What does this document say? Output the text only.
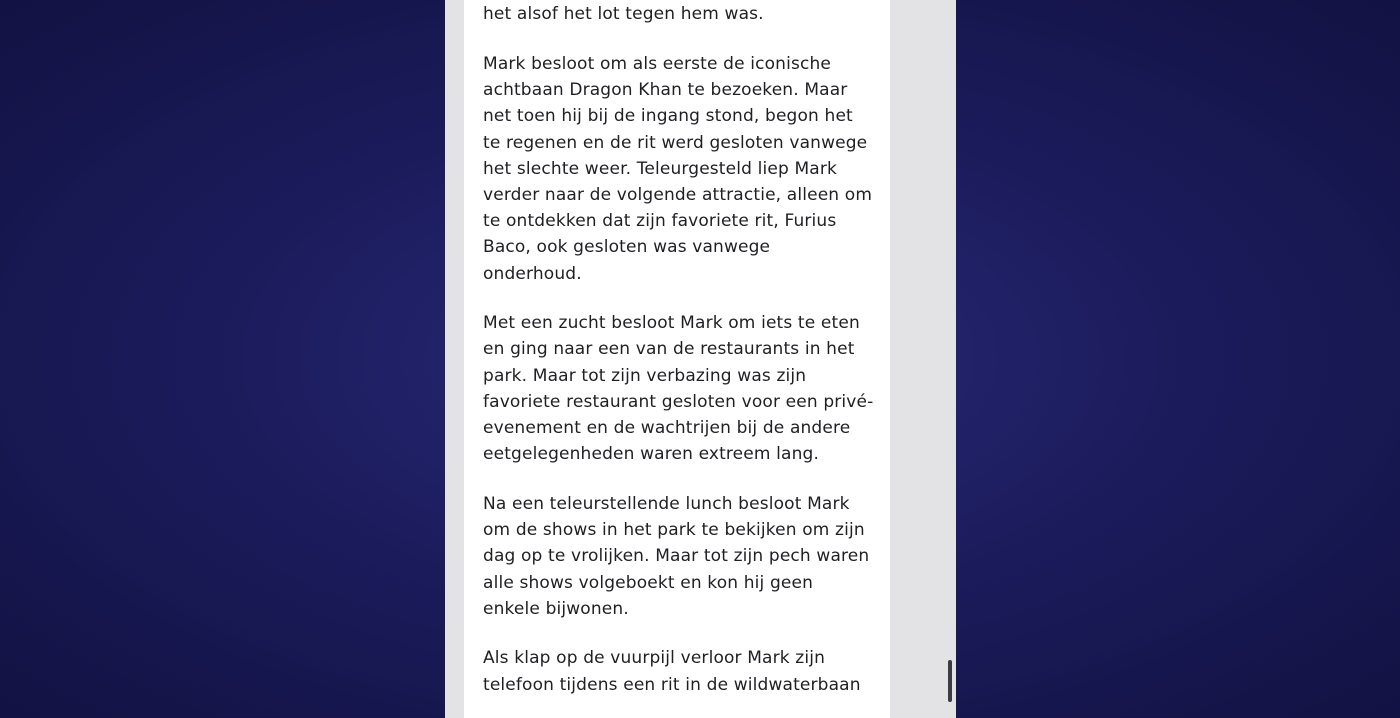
het alsof het lot tegen hem was.

Mark besloot om als eerste de iconische
achtbaan Dragon Khan te bezoeken. Maar
net toen hij bij de ingang stond, begon het
te regenen en de rit werd gesloten vanwege
het slechte weer. Teleurgesteld liep Mark
verder naar de volgende attractie, alleen om
te ontdekken dat zijn favoriete rit, Furius
Baco, ook gesloten was vanwege
onderhoud.

Met een zucht besloot Mark om iets te eten
en ging naar een van de restaurants in het
park. Maar tot zijn verbazing was zijn
favoriete restaurant gesloten voor een privé-
evenement en de wachtrijen bij de andere
eetgelegenheden waren extreem lang.

Na een teleurstellende lunch besloot Mark
om de shows in het park te bekijken om zijn
dag op te vrolijken. Maar tot zijn pech waren
alle shows volgeboekt en kon hij geen
enkele bijwonen.

Als klap op de vuurpijl verloor Mark zijn
telefoon tijdens een rit in de wildwaterbaan
